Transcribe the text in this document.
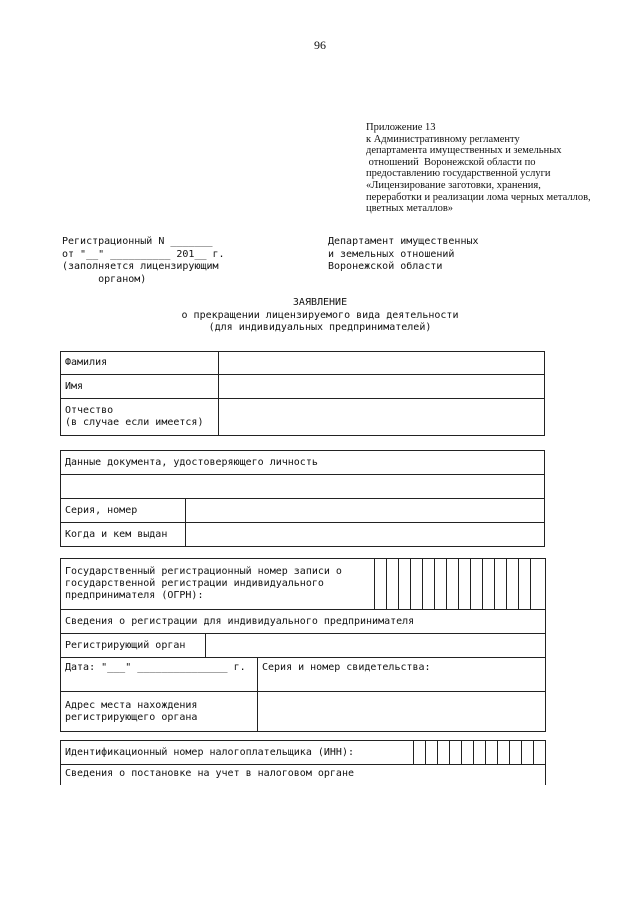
96
Приложение 13
к Административному регламенту
департамента имущественных и земельных
отношений  Воронежской области по
предоставлению государственной услуги
«Лицензирование заготовки, хранения,
переработки и реализации лома черных металлов,
цветных металлов»
Регистрационный N _______
от "__" __________ 201__ г.
(заполняется лицензирующим
органом)
Департамент имущественных
и земельных отношений
Воронежской области
ЗАЯВЛЕНИЕ
о прекращении лицензируемого вида деятельности
(для индивидуальных предпринимателей)
Фамилия	
Имя	

Отчество
(в случае если имеется)	

Данные документа, удостоверяющего личность	

Серия, номер	
Когда и кем выдан	
Государственный регистрационный номер записи о
государственной регистрации индивидуального
предпринимателя (ОГРН):																

Сведения о регистрации для индивидуального предпринимателя																
Регистрирующий орган																
Дата: "___" _______________ г.		Серия и номер свидетельства:														

Адрес места нахождения
регистрирующего органа																

Идентификационный номер налогоплательщика (ИНН):											
Сведения о постановке на учет в налоговом органе
